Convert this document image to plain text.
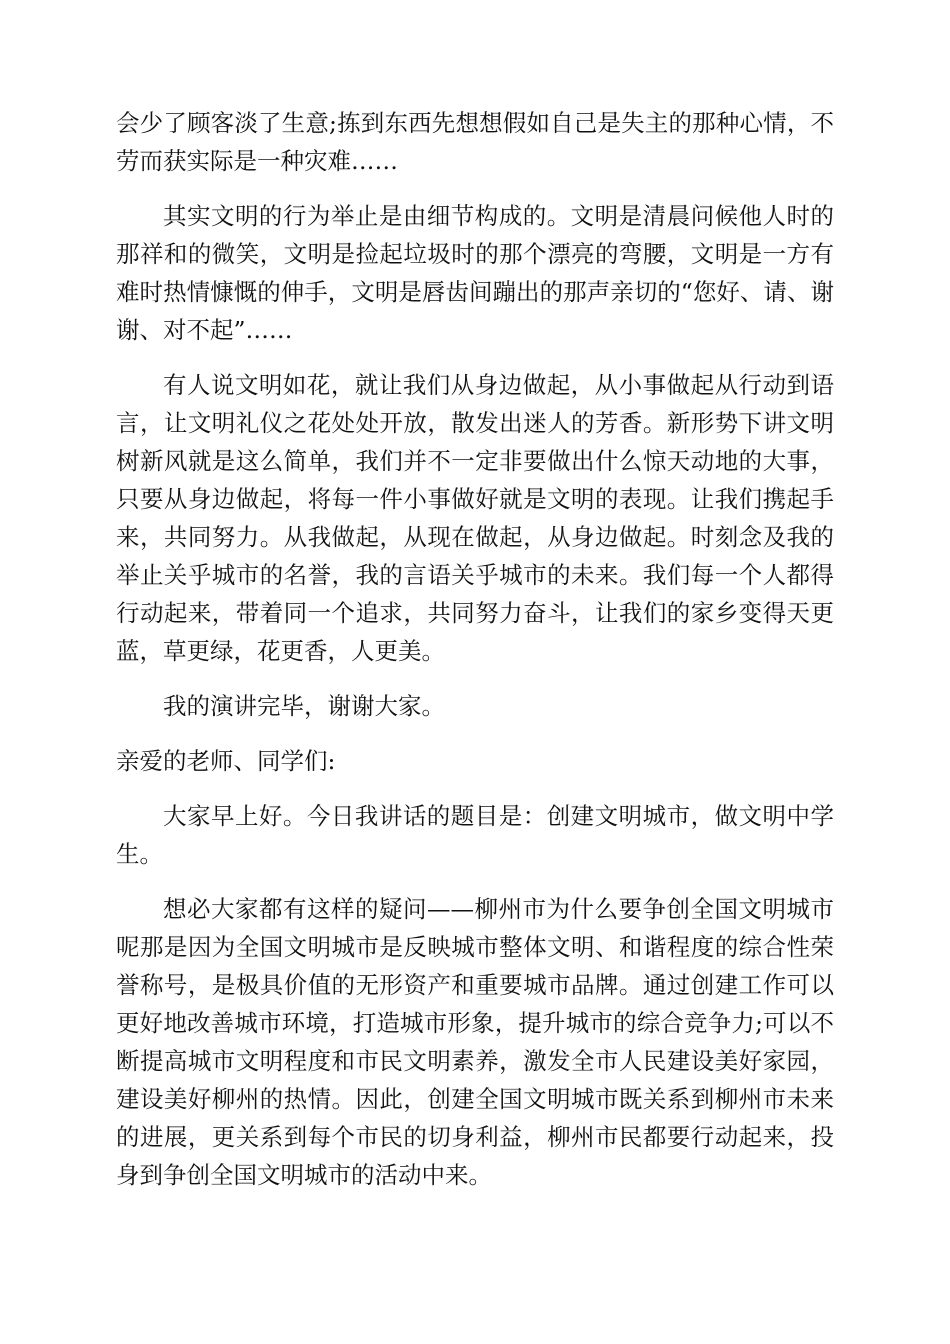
会少了顾客淡了生意;拣到东西先想想假如自己是失主的那种心情，不劳而获实际是一种灾难……

其实文明的行为举止是由细节构成的。文明是清晨问候他人时的那祥和的微笑，文明是捡起垃圾时的那个漂亮的弯腰，文明是一方有难时热情慷慨的伸手，文明是唇齿间蹦出的那声亲切的“您好、请、谢谢、对不起”……

有人说文明如花，就让我们从身边做起，从小事做起从行动到语言，让文明礼仪之花处处开放，散发出迷人的芳香。新形势下讲文明树新风就是这么简单，我们并不一定非要做出什么惊天动地的大事，只要从身边做起，将每一件小事做好就是文明的表现。让我们携起手来，共同努力。从我做起，从现在做起，从身边做起。时刻念及我的举止关乎城市的名誉，我的言语关乎城市的未来。我们每一个人都得行动起来，带着同一个追求，共同努力奋斗，让我们的家乡变得天更蓝，草更绿，花更香，人更美。

我的演讲完毕，谢谢大家。

亲爱的老师、同学们:

大家早上好。今日我讲话的题目是：创建文明城市，做文明中学生。

想必大家都有这样的疑问——柳州市为什么要争创全国文明城市呢那是因为全国文明城市是反映城市整体文明、和谐程度的综合性荣誉称号，是极具价值的无形资产和重要城市品牌。通过创建工作可以更好地改善城市环境，打造城市形象，提升城市的综合竞争力;可以不断提高城市文明程度和市民文明素养，激发全市人民建设美好家园，建设美好柳州的热情。因此，创建全国文明城市既关系到柳州市未来的进展，更关系到每个市民的切身利益，柳州市民都要行动起来，投身到争创全国文明城市的活动中来。
